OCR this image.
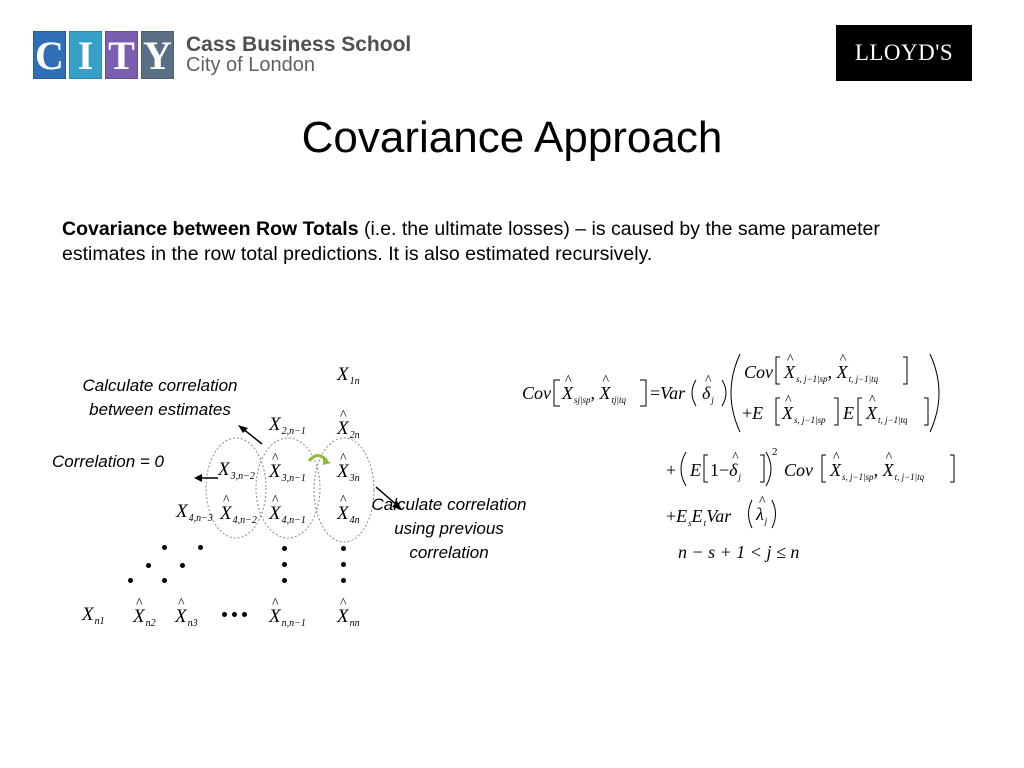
C I T Y Cass Business School
City of London	LLOYD'S
Covariance Approach
Covariance between Row Totals (i.e. the ultimate losses) – is caused by the same parameter estimates in the row total predictions. It is also estimated recursively.
$X_{1n}$
$X_{2,n-1}$ ^ $X_{2n}$
$X_{3,n-2}$ ^ $X_{3,n-1}$ ^ $X_{3n}$
$X_{4,n-3}$ ^ $X_{4,n-2}$ ^ $X_{4,n-1}$ ^ $X_{4n}$
$X_{n1}$ ^ $X_{n2}$ ^ $X_{n3}$	^ $X_{n,n-1}$ ^ $X_{nn}$
Calculate correlation between estimates
Correlation = 0
Calculate correlation using previous correlation
Cov ^ $X_{sj|sp}$, ^ $X_{tj|tq} =Var$ ^ $\delta_j$
Cov ^ $X_{s, j-1|sp}$, ^ $X_{t, j-1|tq}$
+E ^ $X_{s, j-1|sp}$ E ^ $X_{t, j-1|tq}$
+ E 1−^ $\delta_j$
2
Cov ^ $X_{s, j-1|sp}$, ^ $X_{t, j-1|tq}$
$+E_sE_tVar$ ^ $\lambda_j$
n − s + 1 < j ≤ n
